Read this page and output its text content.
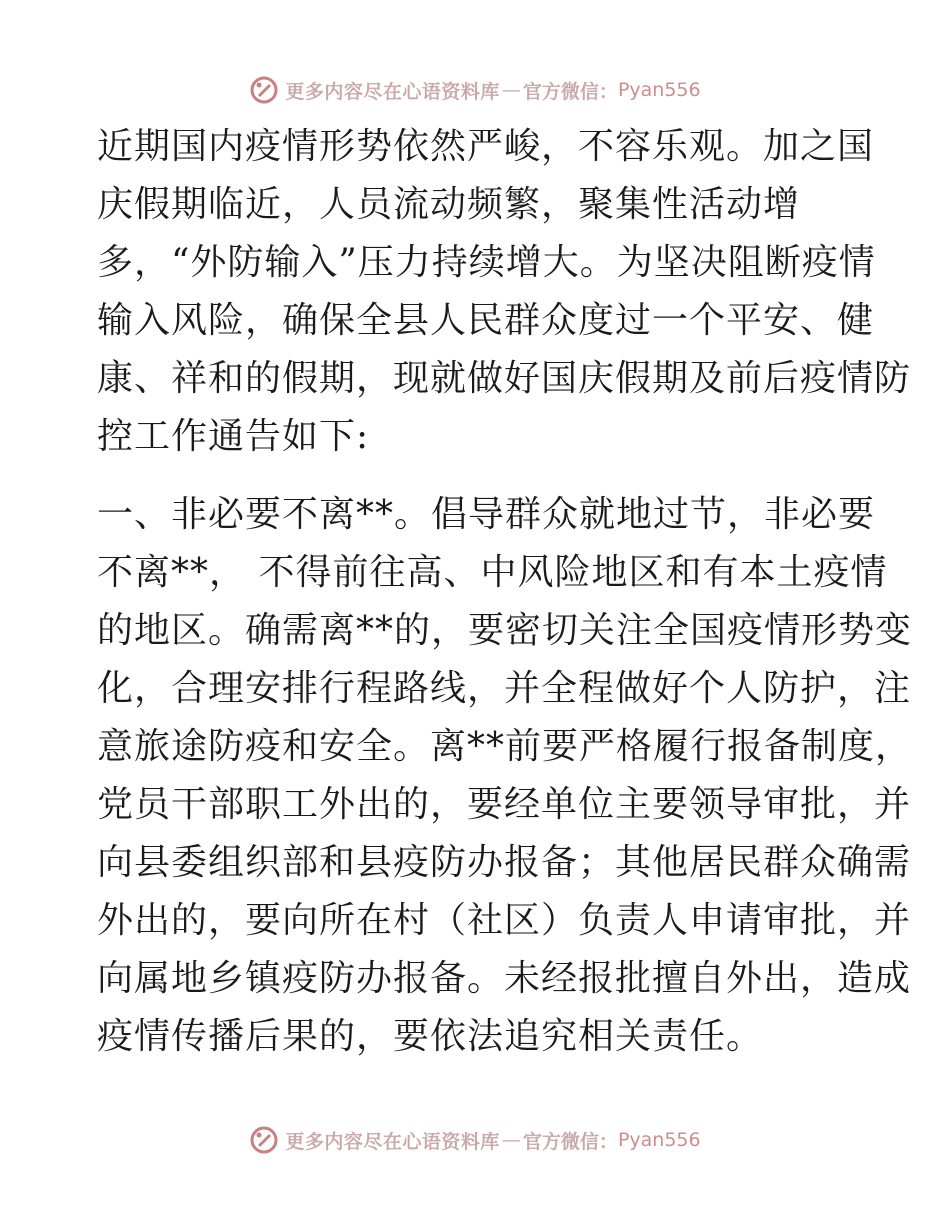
更多内容尽在心语资料库 — 官方微信： Pyan556

近期国内疫情形势依然严峻，不容乐观。加之国

庆假期临近，人员流动频繁，聚集性活动增

多，“外防输入”压力持续增大。为坚决阻断疫情

输入风险，确保全县人民群众度过一个平安、健

康、祥和的假期，现就做好国庆假期及前后疫情防

控工作通告如下:

一、非必要不离**。倡导群众就地过节，非必要

不离**， 不得前往高、中风险地区和有本土疫情

的地区。确需离**的，要密切关注全国疫情形势变

化，合理安排行程路线，并全程做好个人防护，注

意旅途防疫和安全。离**前要严格履行报备制度，

党员干部职工外出的，要经单位主要领导审批，并

向县委组织部和县疫防办报备；其他居民群众确需

外出的，要向所在村（社区）负责人申请审批，并

向属地乡镇疫防办报备。未经报批擅自外出，造成

疫情传播后果的，要依法追究相关责任。

更多内容尽在心语资料库 — 官方微信： Pyan556
